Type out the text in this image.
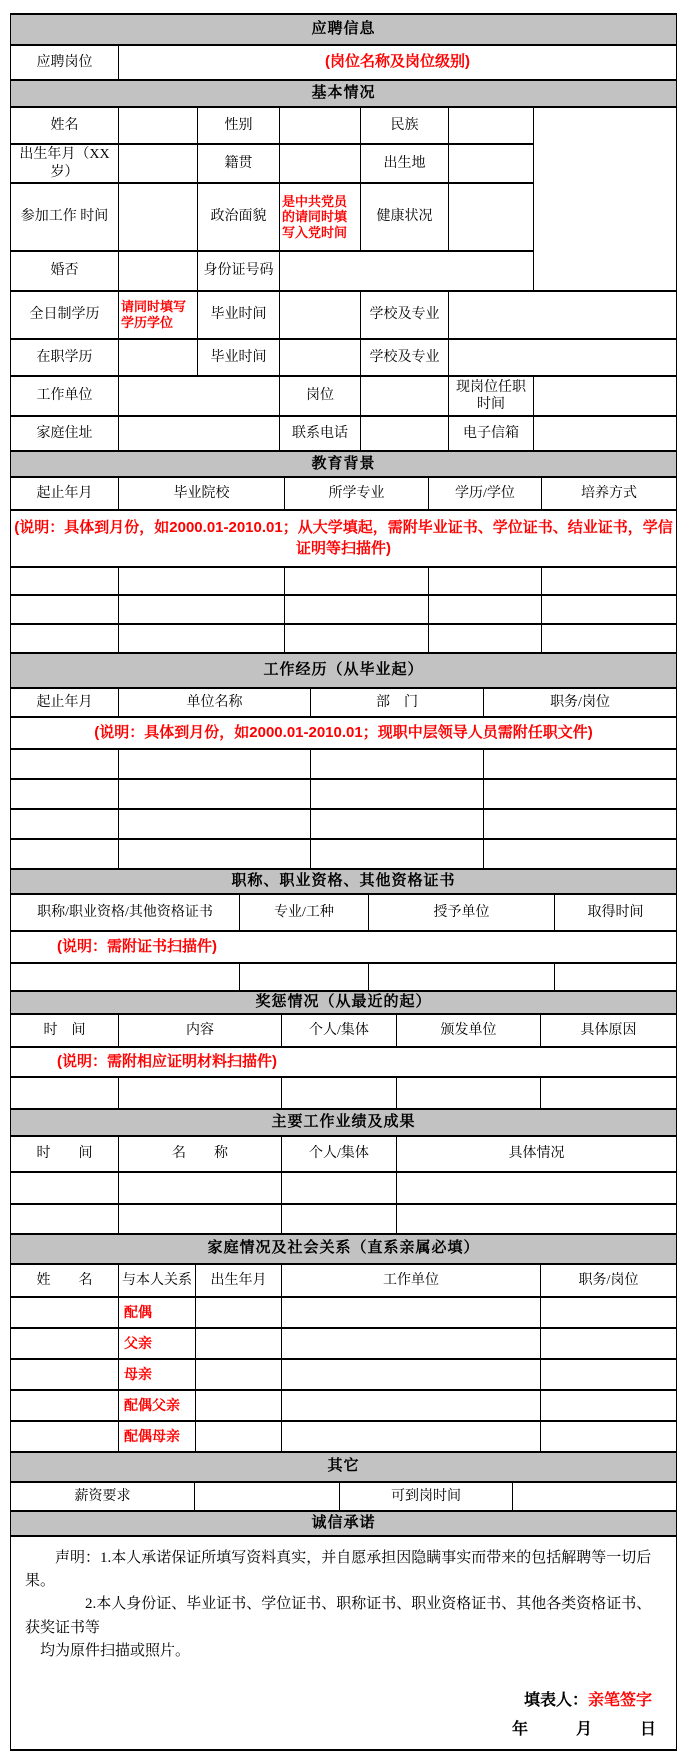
应聘信息						
应聘岗位	(岗位名称及岗位级别)					
基本情况						
姓名		性别		民族		
出生年月（XX岁）		籍贯		出生地		
参加工作 时间		政治面貌	是中共党员的请同时填写入党时间	健康状况		
婚否		身份证号码				
全日制学历	请同时填写学历学位	毕业时间		学校及专业		
在职学历		毕业时间		学校及专业		
工作单位			岗位		现岗位任职时间	
家庭住址			联系电话		电子信箱	
教育背景				
起止年月	毕业院校	所学专业	学历/学位	培养方式
(说明：具体到月份，如2000.01-2010.01；从大学填起，需附毕业证书、学位证书、结业证书，学信证明等扫描件)				

工作经历（从毕业起）			
起止年月	单位名称	部　门	职务/岗位
(说明：具体到月份，如2000.01-2010.01；现职中层领导人员需附任职文件)			

职称、职业资格、其他资格证书			
职称/职业资格/其他资格证书	专业/工种	授予单位	取得时间
(说明：需附证书扫描件)			

奖惩情况（从最近的起）				
时　间	内容	个人/集体	颁发单位	具体原因
(说明：需附相应证明材料扫描件)				

主要工作业绩及成果			
时　　间	名　　称	个人/集体	具体情况

家庭情况及社会关系（直系亲属必填）				
姓　　名	与本人关系	出生年月	工作单位	职务/岗位
	配偶			
	父亲			
	母亲			
	配偶父亲			
	配偶母亲			
其它
薪资要求		可到岗时间	
诚信承诺

声明：1.本人承诺保证所填写资料真实，并自愿承担因隐瞒事实而带来的包括解聘等一切后果。

2.本人身份证、毕业证书、学位证书、职称证书、职业资格证书、其他各类资格证书、获奖证书等

均为原件扫描或照片。

填表人：亲笔签字
年　　　月　　　日
